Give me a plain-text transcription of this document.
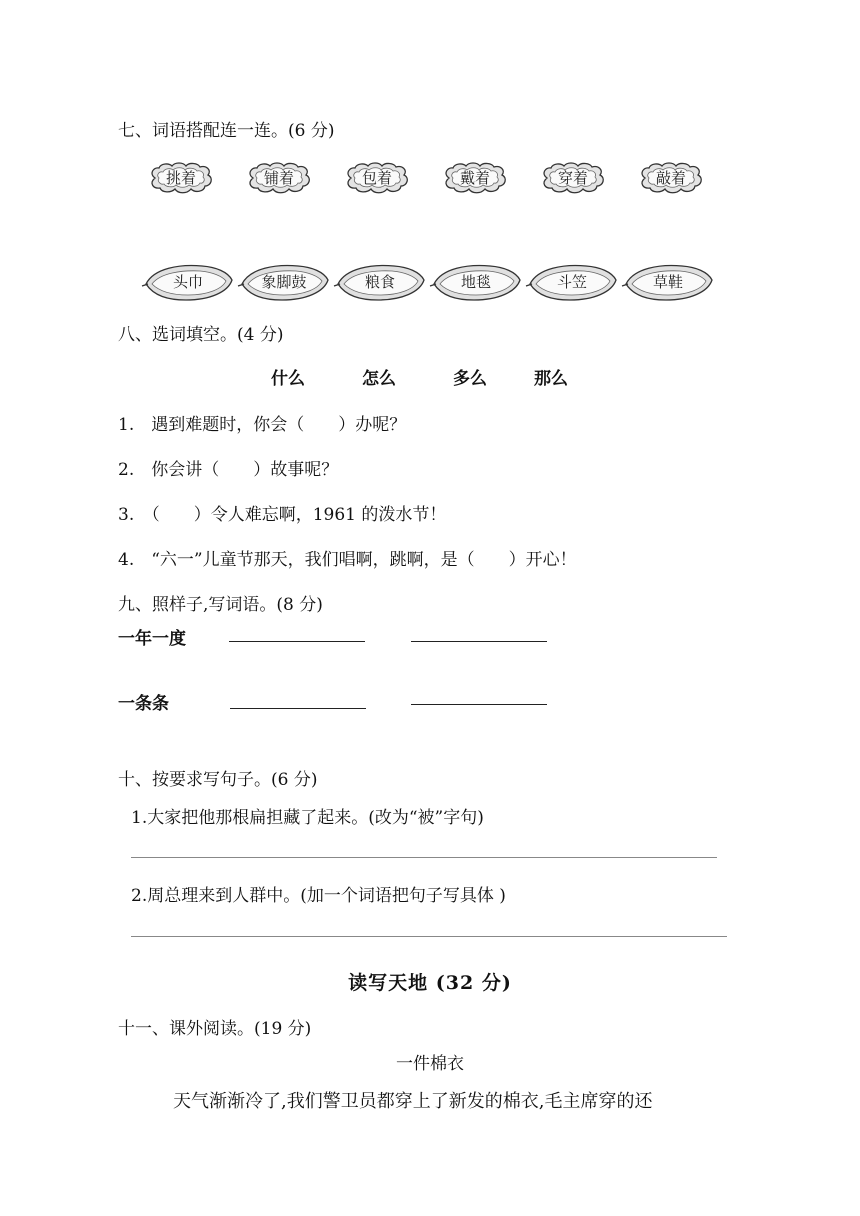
七、词语搭配连一连。(6 分)
挑着	铺着	包着	戴着	穿着	敲着
头巾	象脚鼓	粮食	地毯	斗笠	草鞋
八、选词填空。(4 分)
什么	怎么	多么	那么
1.　遇到难题时，你会（　　）办呢？
2.　你会讲（　　）故事呢？
3.　（　　）令人难忘啊，1961 的泼水节！
4.　“六一”儿童节那天，我们唱啊，跳啊，是（　　）开心！
九、照样子,写词语。(8 分)
一年一度
一条条
十、按要求写句子。(6 分)
1.大家把他那根扁担藏了起来。(改为“被”字句)
2.周总理来到人群中。(加一个词语把句子写具体 )
读写天地 (32 分)
十一、课外阅读。(19 分)
一件棉衣
天气渐渐冷了,我们警卫员都穿上了新发的棉衣,毛主席穿的还
